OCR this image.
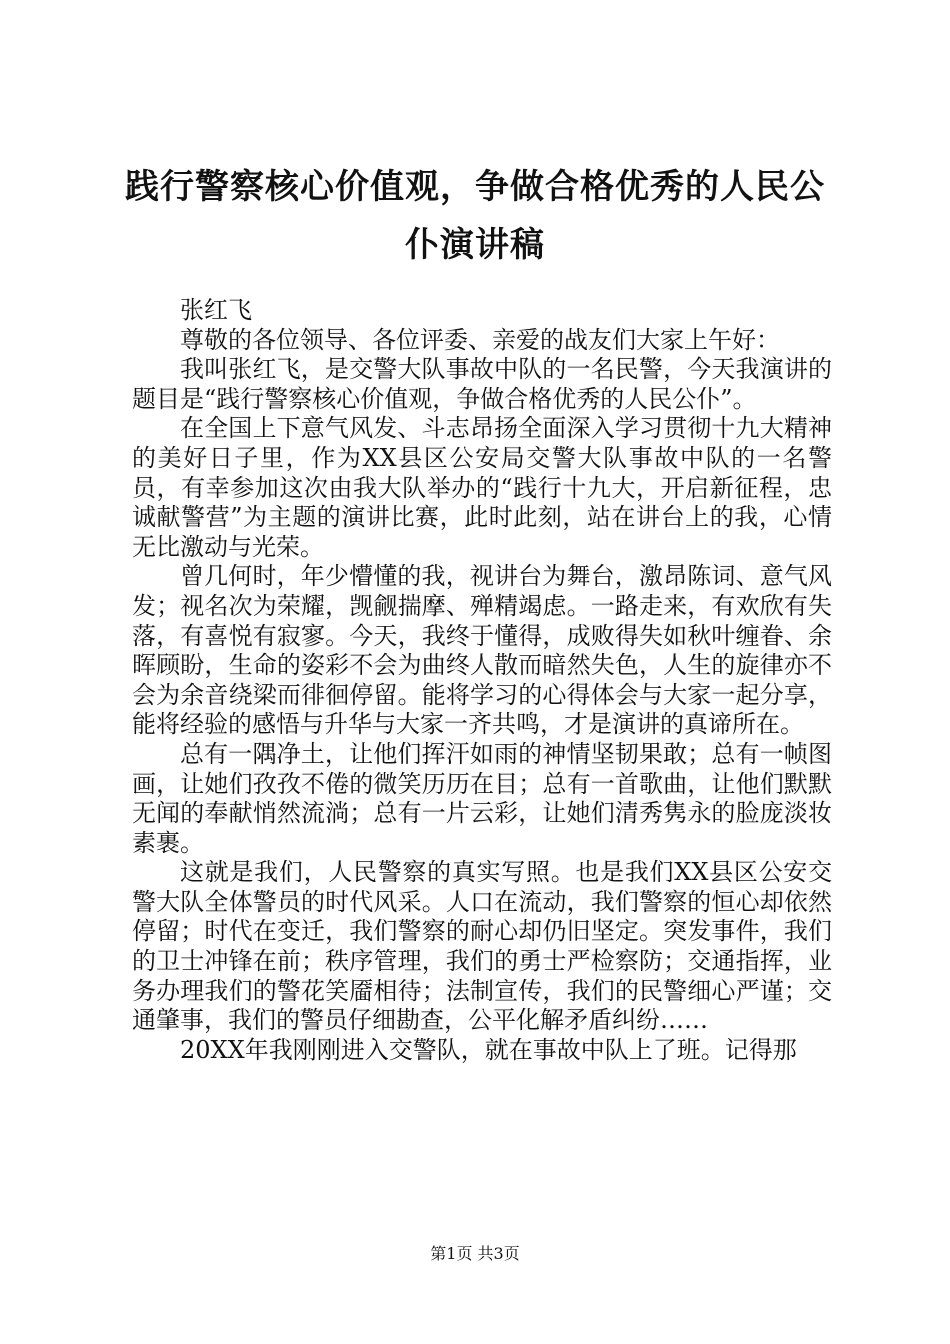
践行警察核心价值观，争做合格优秀的人民公仆演讲稿

张红飞

尊敬的各位领导、各位评委、亲爱的战友们大家上午好：

我叫张红飞，是交警大队事故中队的一名民警，今天我演讲的题目是“践行警察核心价值观，争做合格优秀的人民公仆”。

在全国上下意气风发、斗志昂扬全面深入学习贯彻十九大精神的美好日子里，作为XX县区公安局交警大队事故中队的一名警员，有幸参加这次由我大队举办的“践行十九大，开启新征程，忠诚献警营”为主题的演讲比赛，此时此刻，站在讲台上的我，心情无比激动与光荣。

曾几何时，年少懵懂的我，视讲台为舞台，激昂陈词、意气风发；视名次为荣耀，觊觎揣摩、殚精竭虑。一路走来，有欢欣有失落，有喜悦有寂寥。今天，我终于懂得，成败得失如秋叶缠眷、余晖顾盼，生命的姿彩不会为曲终人散而暗然失色，人生的旋律亦不会为余音绕梁而徘徊停留。能将学习的心得体会与大家一起分享，能将经验的感悟与升华与大家一齐共鸣，才是演讲的真谛所在。

总有一隅净土，让他们挥汗如雨的神情坚韧果敢；总有一帧图画，让她们孜孜不倦的微笑历历在目；总有一首歌曲，让他们默默无闻的奉献悄然流淌；总有一片云彩，让她们清秀隽永的脸庞淡妆素裹。

这就是我们，人民警察的真实写照。也是我们XX县区公安交警大队全体警员的时代风采。人口在流动，我们警察的恒心却依然停留；时代在变迁，我们警察的耐心却仍旧坚定。突发事件，我们的卫士冲锋在前；秩序管理，我们的勇士严检察防；交通指挥，业务办理我们的警花笑靥相待；法制宣传，我们的民警细心严谨；交通肇事，我们的警员仔细勘查，公平化解矛盾纠纷……

20XX年我刚刚进入交警队，就在事故中队上了班。记得那

第1页 共3页
